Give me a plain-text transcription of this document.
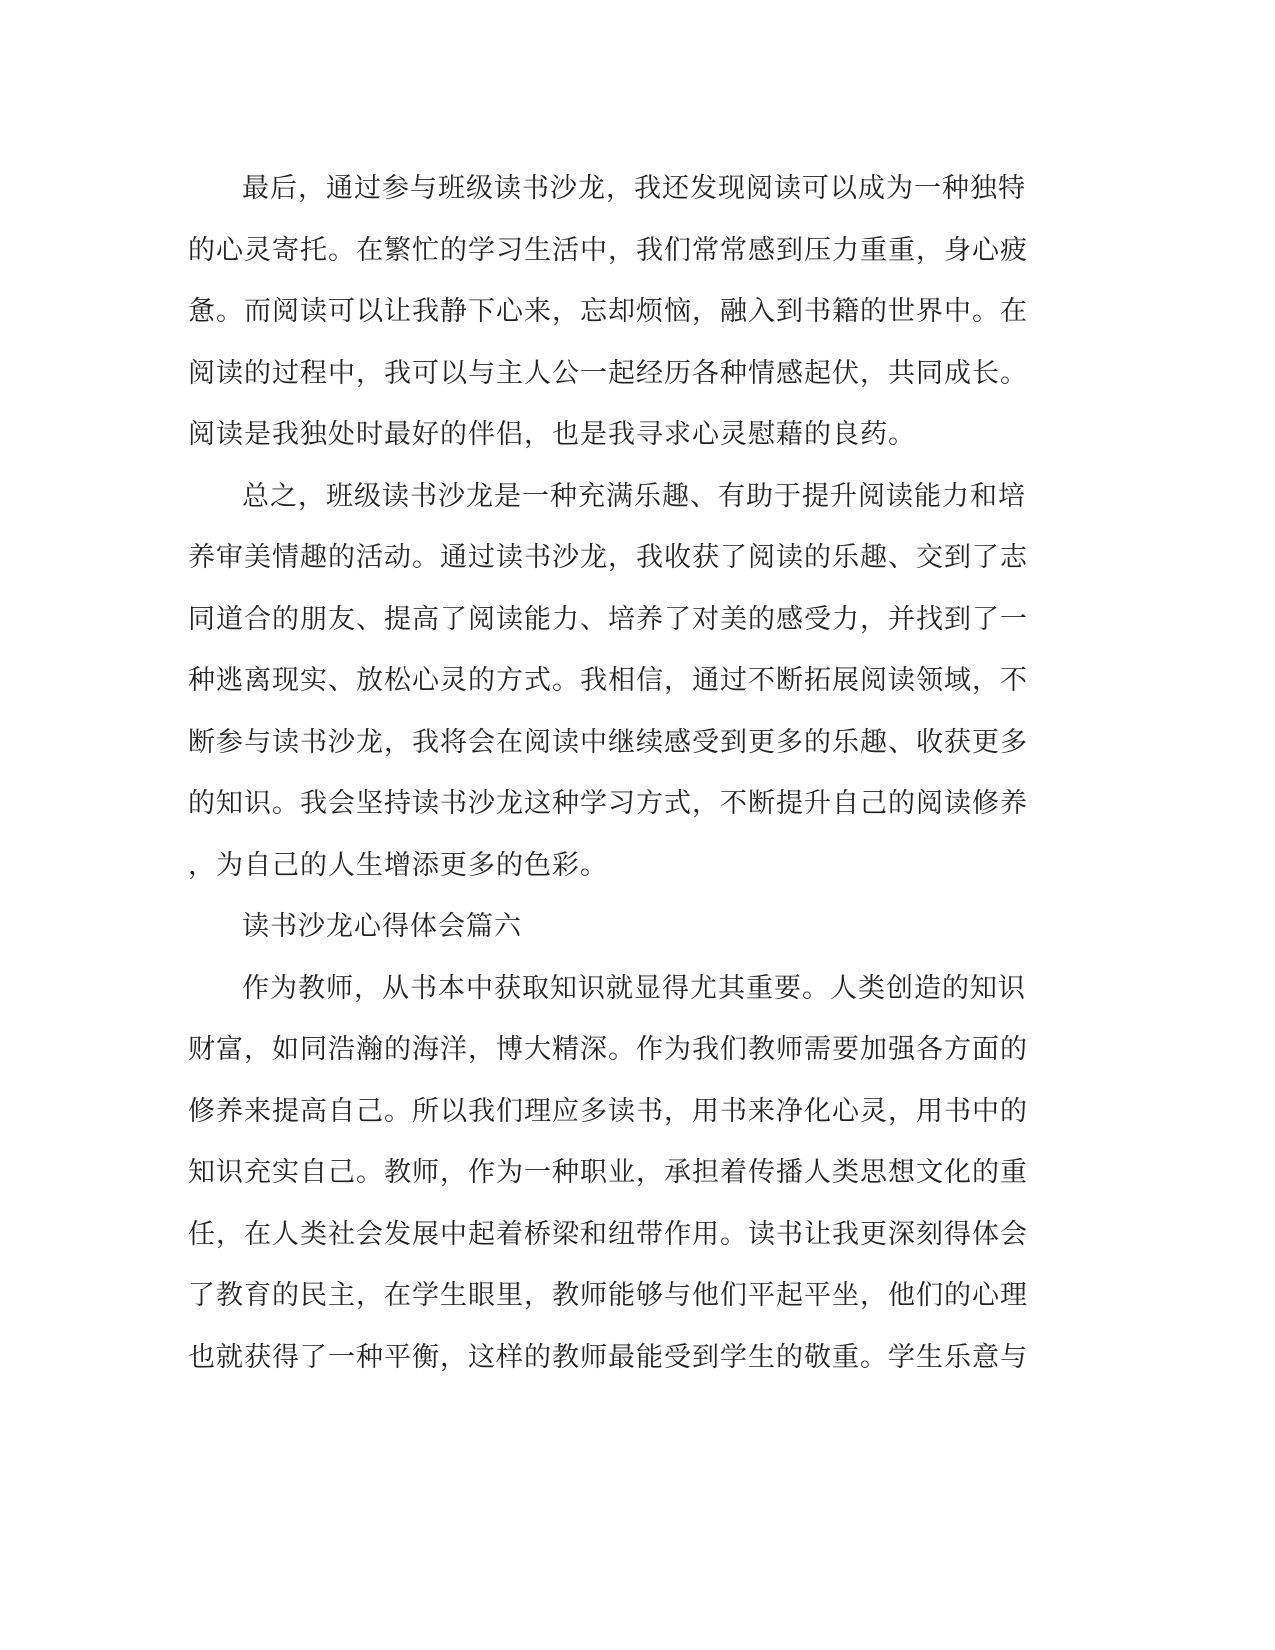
最后，通过参与班级读书沙龙，我还发现阅读可以成为一种独特
的心灵寄托。在繁忙的学习生活中，我们常常感到压力重重，身心疲
惫。而阅读可以让我静下心来，忘却烦恼，融入到书籍的世界中。在
阅读的过程中，我可以与主人公一起经历各种情感起伏，共同成长。
阅读是我独处时最好的伴侣，也是我寻求心灵慰藉的良药。
总之，班级读书沙龙是一种充满乐趣、有助于提升阅读能力和培
养审美情趣的活动。通过读书沙龙，我收获了阅读的乐趣、交到了志
同道合的朋友、提高了阅读能力、培养了对美的感受力，并找到了一
种逃离现实、放松心灵的方式。我相信，通过不断拓展阅读领域，不
断参与读书沙龙，我将会在阅读中继续感受到更多的乐趣、收获更多
的知识。我会坚持读书沙龙这种学习方式，不断提升自己的阅读修养
，为自己的人生增添更多的色彩。
读书沙龙心得体会篇六
作为教师，从书本中获取知识就显得尤其重要。人类创造的知识
财富，如同浩瀚的海洋，博大精深。作为我们教师需要加强各方面的
修养来提高自己。所以我们理应多读书，用书来净化心灵，用书中的
知识充实自己。教师，作为一种职业，承担着传播人类思想文化的重
任，在人类社会发展中起着桥梁和纽带作用。读书让我更深刻得体会
了教育的民主，在学生眼里，教师能够与他们平起平坐，他们的心理
也就获得了一种平衡，这样的教师最能受到学生的敬重。学生乐意与
